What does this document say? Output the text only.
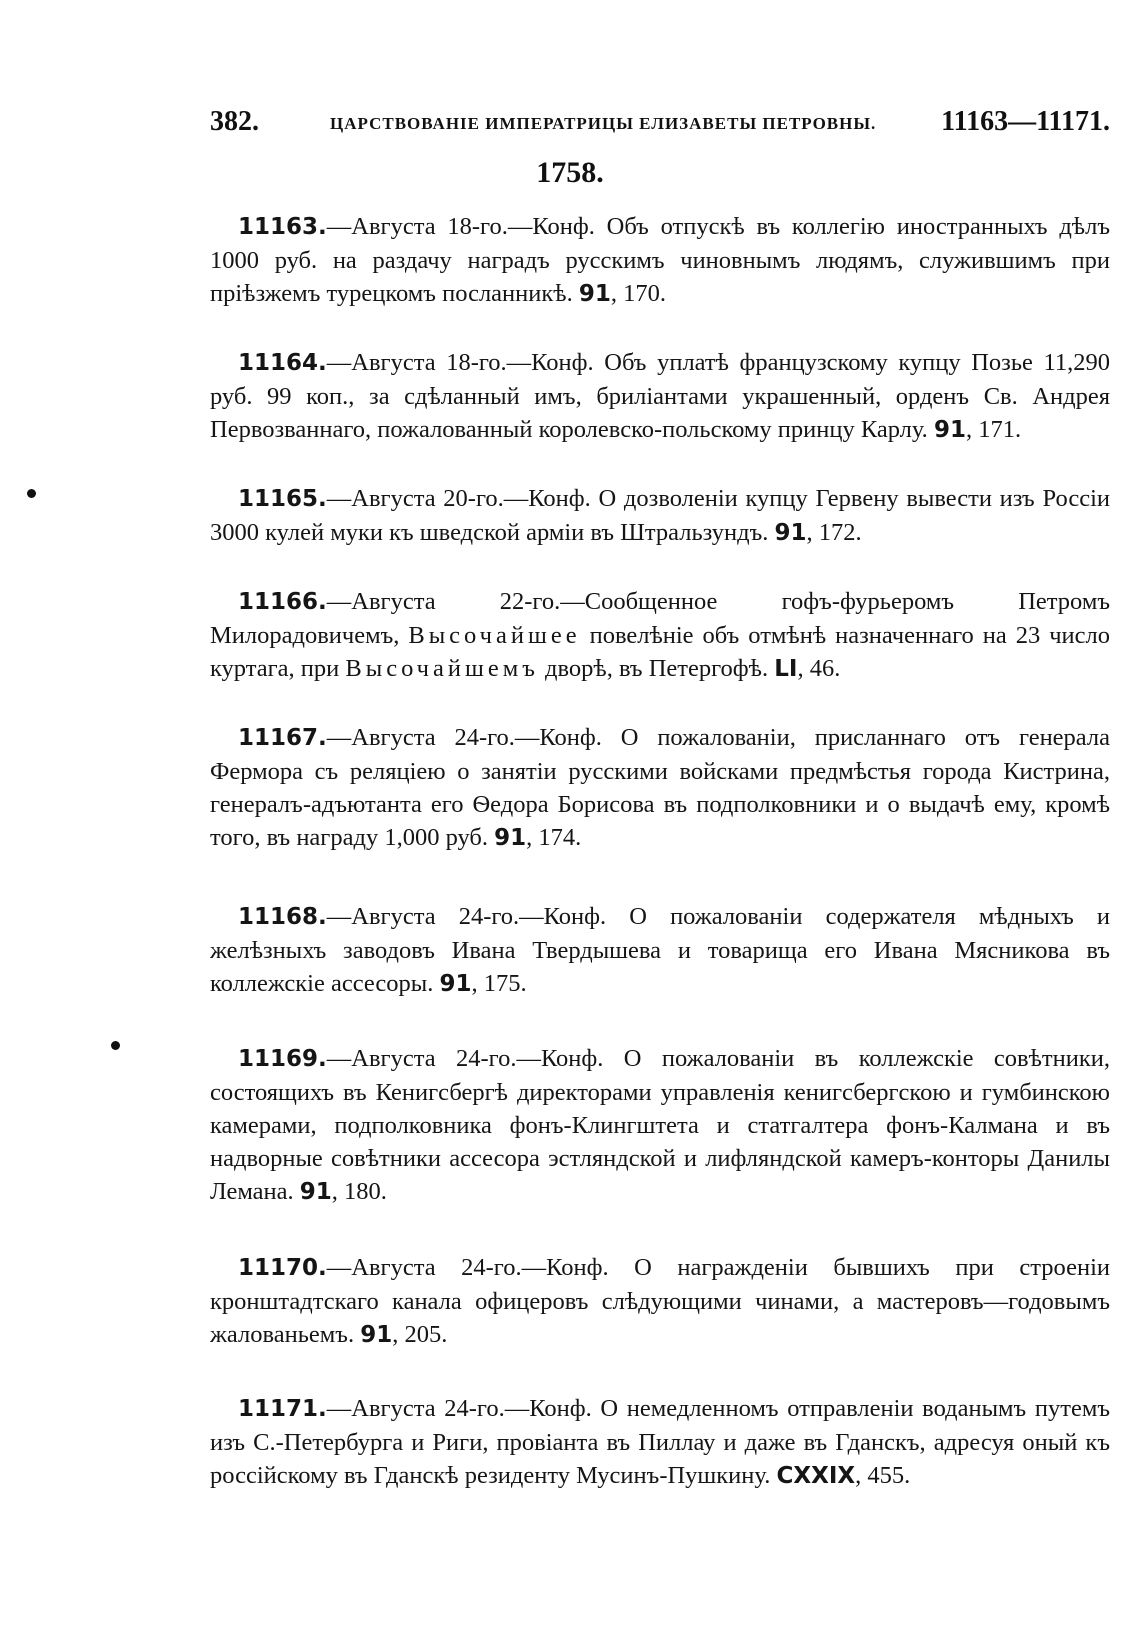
382.	ЦАРСТВОВАНІЕ ИМПЕРАТРИЦЫ ЕЛИЗАВЕТЫ ПЕТРОВНЫ. 11163—11171.
1758.

11163.—Августа 18-го.—Конф. Объ отпускѣ въ коллегію иностранныхъ дѣлъ 1000 руб. на раздачу наградъ русскимъ чиновнымъ людямъ, служившимъ при пріѣзжемъ турецкомъ посланникѣ. 91, 170.

11164.—Августа 18-го.—Конф. Объ уплатѣ французскому купцу Позье 11,290 руб. 99 коп., за сдѣланный имъ, бриліантами украшенный, орденъ Св. Андрея Первозваннаго, пожалованный королевско-польскому принцу Карлу. 91, 171.

11165.—Августа 20-го.—Конф. О дозволеніи купцу Гервену вывести изъ Россіи 3000 кулей муки къ шведской арміи въ Штральзундъ. 91, 172.

11166.—Августа 22-го.—Сообщенное гофъ-фурьеромъ Петромъ Милорадовичемъ, Высочайшее повелѣніе объ отмѣнѣ назначеннаго на 23 число куртага, при Высочайшемъ дворѣ, въ Петергофѣ. LI, 46.

11167.—Августа 24-го.—Конф. О пожалованіи, присланнаго отъ генерала Фермора съ реляціею о занятіи русскими войсками предмѣстья города Кистрина, генералъ-адъютанта его Ѳедора Борисова въ подполковники и о выдачѣ ему, кромѣ того, въ награду 1,000 руб. 91, 174.

11168.—Августа 24-го.—Конф. О пожалованіи содержателя мѣдныхъ и желѣзныхъ заводовъ Ивана Твердышева и товарища его Ивана Мясникова въ коллежскіе ассесоры. 91, 175.

11169.—Августа 24-го.—Конф. О пожалованіи въ коллежскіе совѣтники, состоящихъ въ Кенигсбергѣ директорами управленія кенигсбергскою и гумбинскою камерами, подполковника фонъ-Клингштета и статгалтера фонъ-Калмана и въ надворные совѣтники ассесора эстляндской и лифляндской камеръ-конторы Данилы Лемана. 91, 180.

11170.—Августа 24-го.—Конф. О награжденіи бывшихъ при строеніи кронштадтскаго канала офицеровъ слѣдующими чинами, а мастеровъ—годовымъ жалованьемъ. 91, 205.

11171.—Августа 24-го.—Конф. О немедленномъ отправленіи воданымъ путемъ изъ С.-Петербурга и Риги, провіанта въ Пиллау и даже въ Гданскъ, адресуя оный къ россійскому въ Гданскѣ резиденту Мусинъ-Пушкину. CXXIX, 455.
